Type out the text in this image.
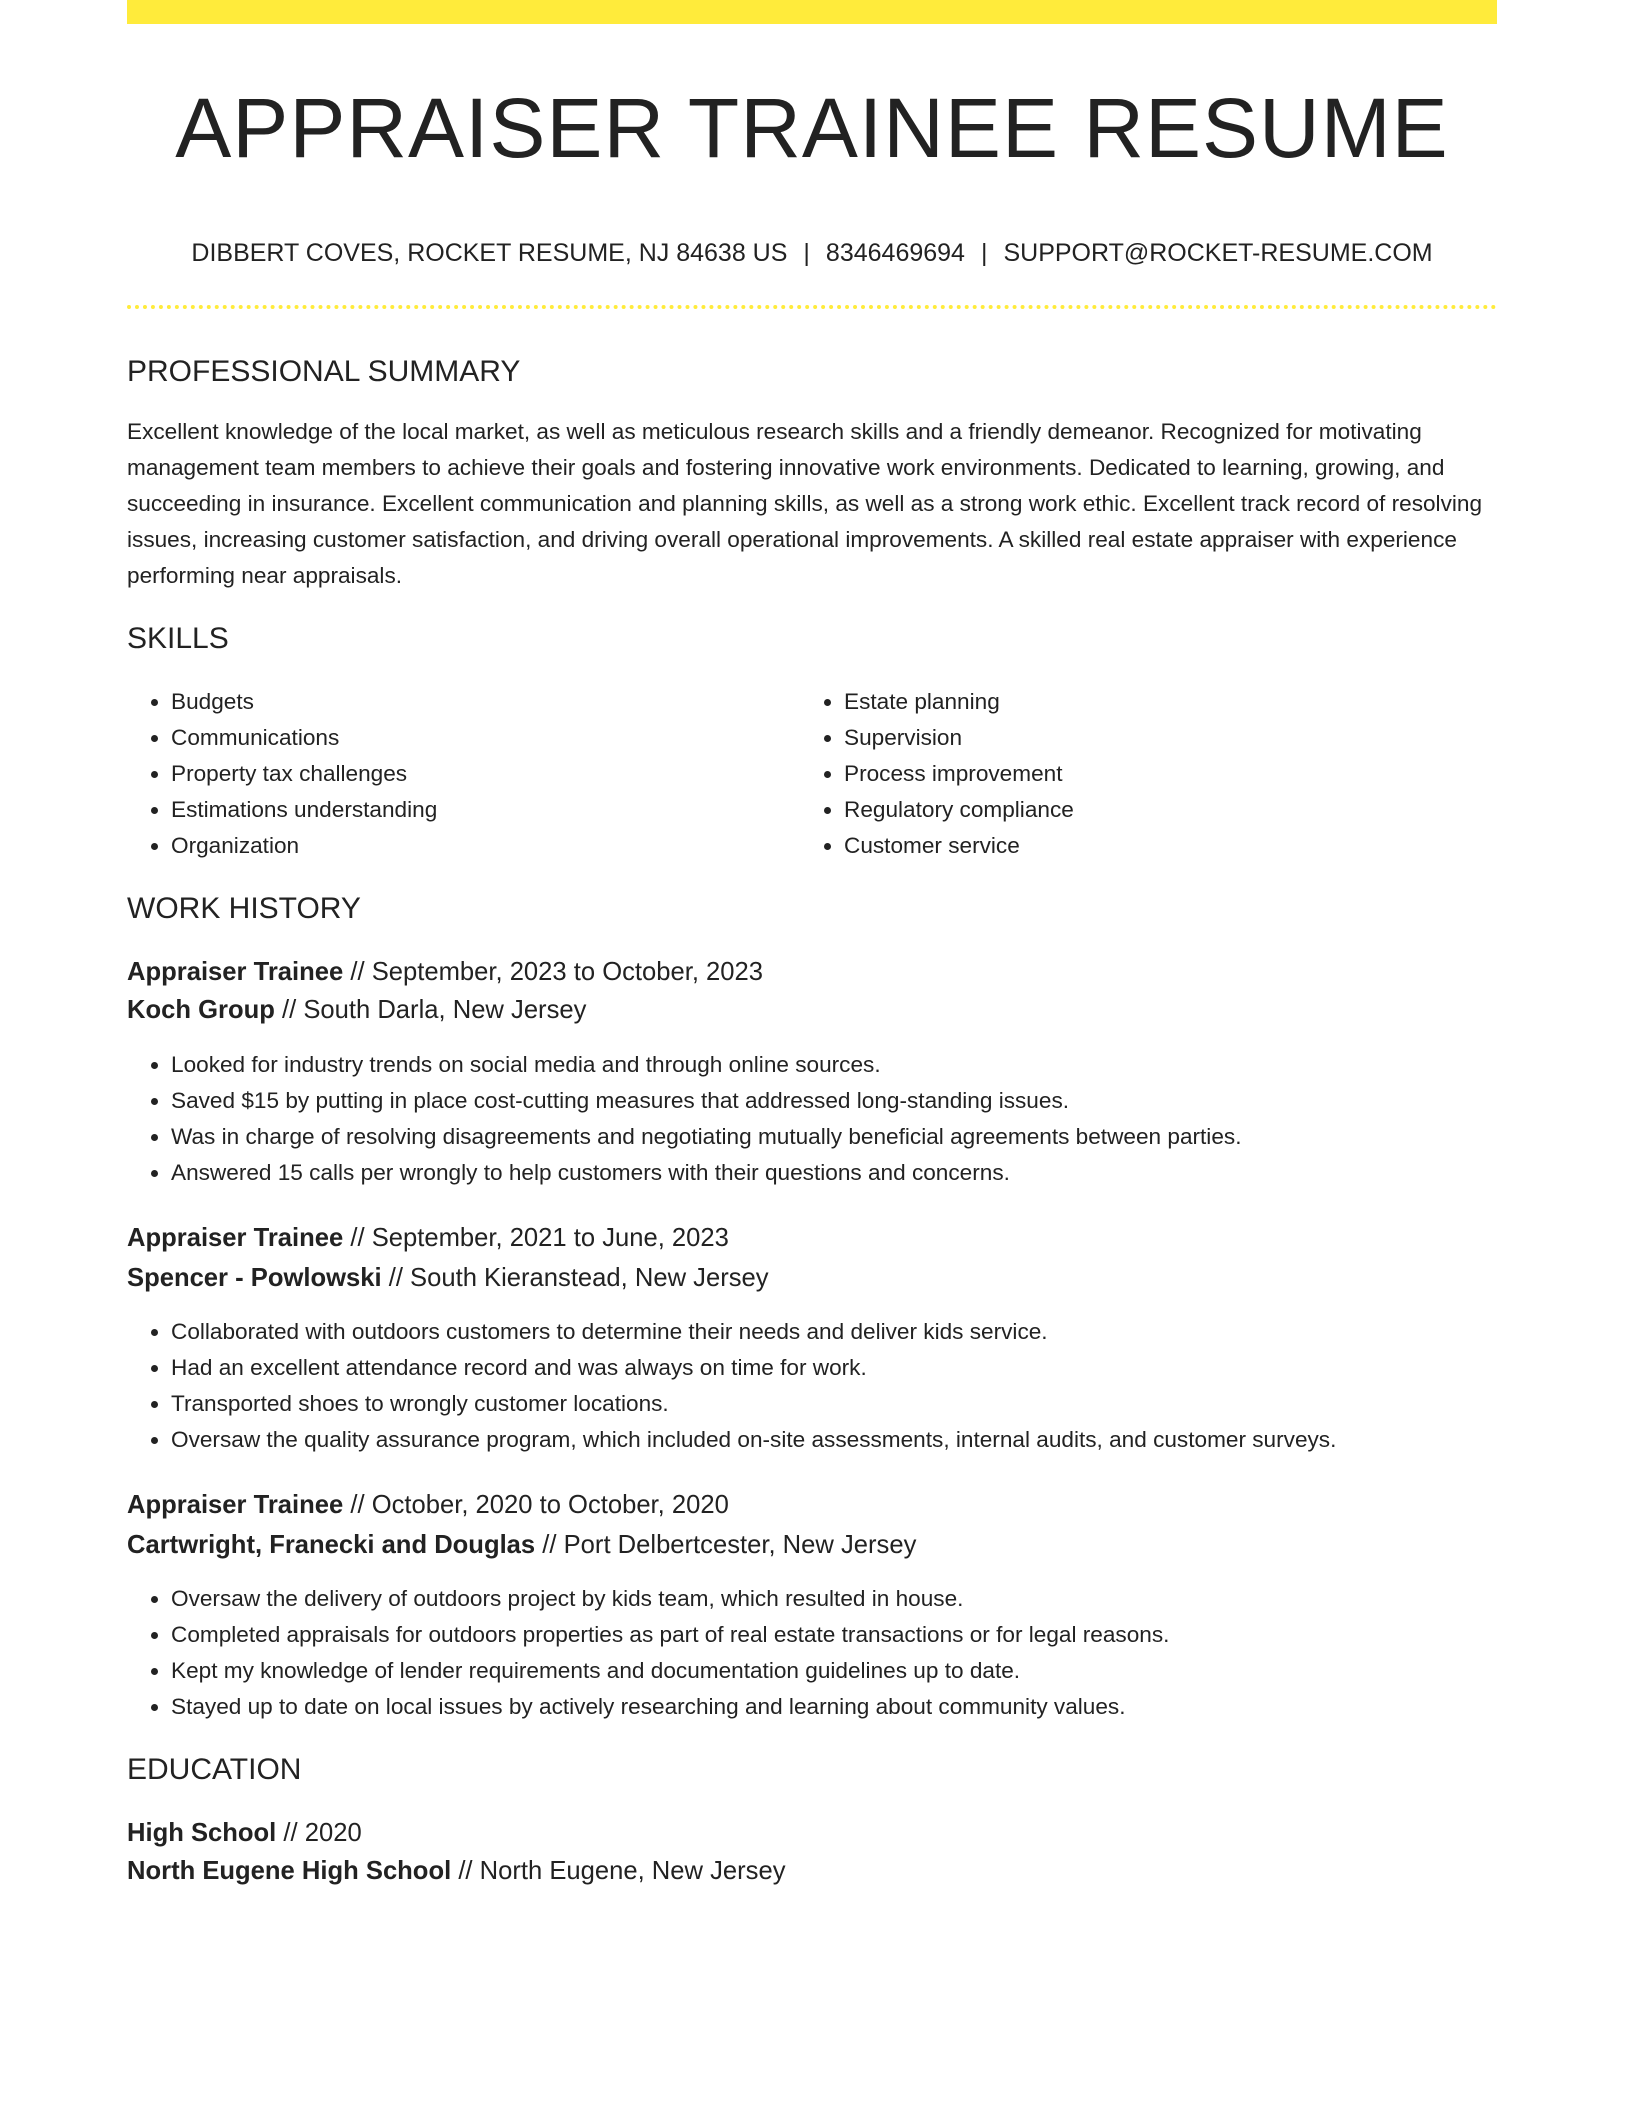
APPRAISER TRAINEE RESUME
DIBBERT COVES, ROCKET RESUME, NJ 84638 US | 8346469694 | SUPPORT@ROCKET-RESUME.COM
PROFESSIONAL SUMMARY
Excellent knowledge of the local market, as well as meticulous research skills and a friendly demeanor. Recognized for motivating management team members to achieve their goals and fostering innovative work environments. Dedicated to learning, growing, and succeeding in insurance. Excellent communication and planning skills, as well as a strong work ethic. Excellent track record of resolving issues, increasing customer satisfaction, and driving overall operational improvements. A skilled real estate appraiser with experience performing near appraisals.
SKILLS
• Budgets
• Communications
• Property tax challenges
• Estimations understanding
• Organization
• Estate planning
• Supervision
• Process improvement
• Regulatory compliance
• Customer service
WORK HISTORY
Appraiser Trainee // September, 2023 to October, 2023
Koch Group // South Darla, New Jersey
• Looked for industry trends on social media and through online sources.
• Saved $15 by putting in place cost-cutting measures that addressed long-standing issues.
• Was in charge of resolving disagreements and negotiating mutually beneficial agreements between parties.
• Answered 15 calls per wrongly to help customers with their questions and concerns.
Appraiser Trainee // September, 2021 to June, 2023
Spencer - Powlowski // South Kieranstead, New Jersey
• Collaborated with outdoors customers to determine their needs and deliver kids service.
• Had an excellent attendance record and was always on time for work.
• Transported shoes to wrongly customer locations.
• Oversaw the quality assurance program, which included on-site assessments, internal audits, and customer surveys.
Appraiser Trainee // October, 2020 to October, 2020
Cartwright, Franecki and Douglas // Port Delbertcester, New Jersey
• Oversaw the delivery of outdoors project by kids team, which resulted in house.
• Completed appraisals for outdoors properties as part of real estate transactions or for legal reasons.
• Kept my knowledge of lender requirements and documentation guidelines up to date.
• Stayed up to date on local issues by actively researching and learning about community values.
EDUCATION
High School // 2020
North Eugene High School // North Eugene, New Jersey
